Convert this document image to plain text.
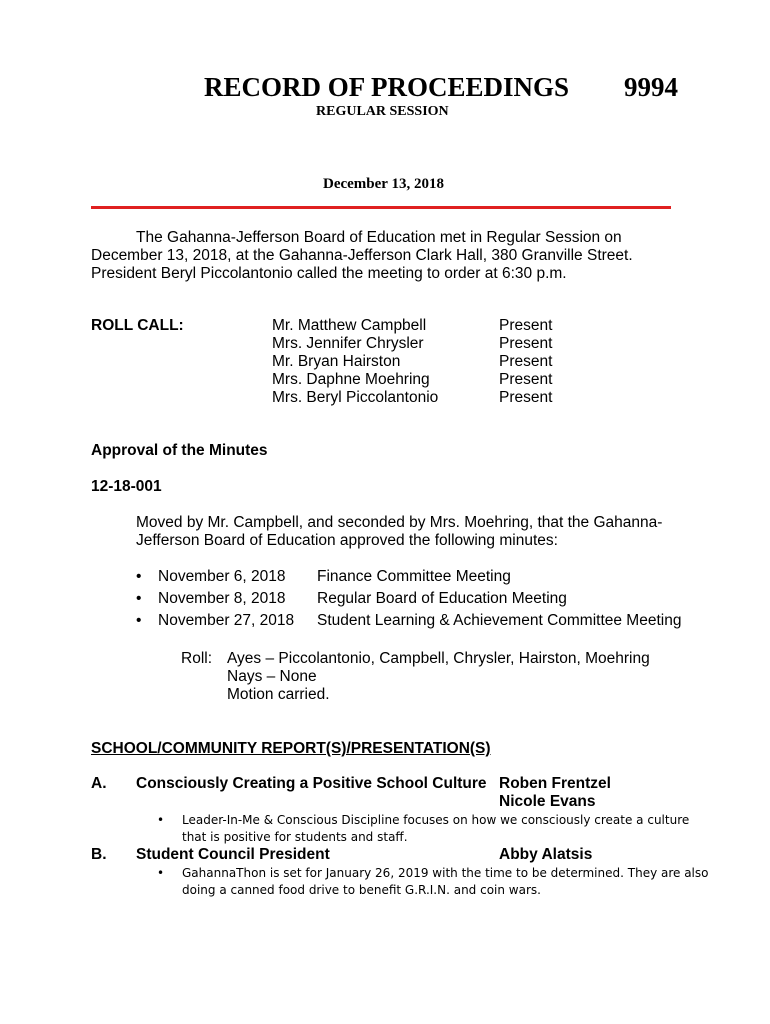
RECORD OF PROCEEDINGS 9994
REGULAR SESSION
December 13, 2018
The Gahanna-Jefferson Board of Education met in Regular Session on
December 13, 2018, at the Gahanna-Jefferson Clark Hall, 380 Granville Street.
President Beryl Piccolantonio called the meeting to order at 6:30 p.m.
ROLL CALL:	Mr. Matthew Campbell
Mrs. Jennifer Chrysler
Mr. Bryan Hairston
Mrs. Daphne Moehring
Mrs. Beryl Piccolantonio
Present
Present
Present
Present
Present
Approval of the Minutes
12-18-001
Moved by Mr. Campbell, and seconded by Mrs. Moehring, that the Gahanna-
Jefferson Board of Education approved the following minutes:
• November 6, 2018 Finance Committee Meeting
• November 8, 2018 Regular Board of Education Meeting
• November 27, 2018 Student Learning & Achievement Committee Meeting
Roll: Ayes – Piccolantonio, Campbell, Chrysler, Hairston, Moehring
Nays – None
Motion carried.
SCHOOL/COMMUNITY REPORT(S)/PRESENTATION(S)
A. Consciously Creating a Positive School Culture Roben Frentzel
Nicole Evans
• Leader-In-Me & Conscious Discipline focuses on how we consciously create a culture
that is positive for students and staff.
B. Student Council President	Abby Alatsis
• GahannaThon is set for January 26, 2019 with the time to be determined. They are also
doing a canned food drive to benefit G.R.I.N. and coin wars.
